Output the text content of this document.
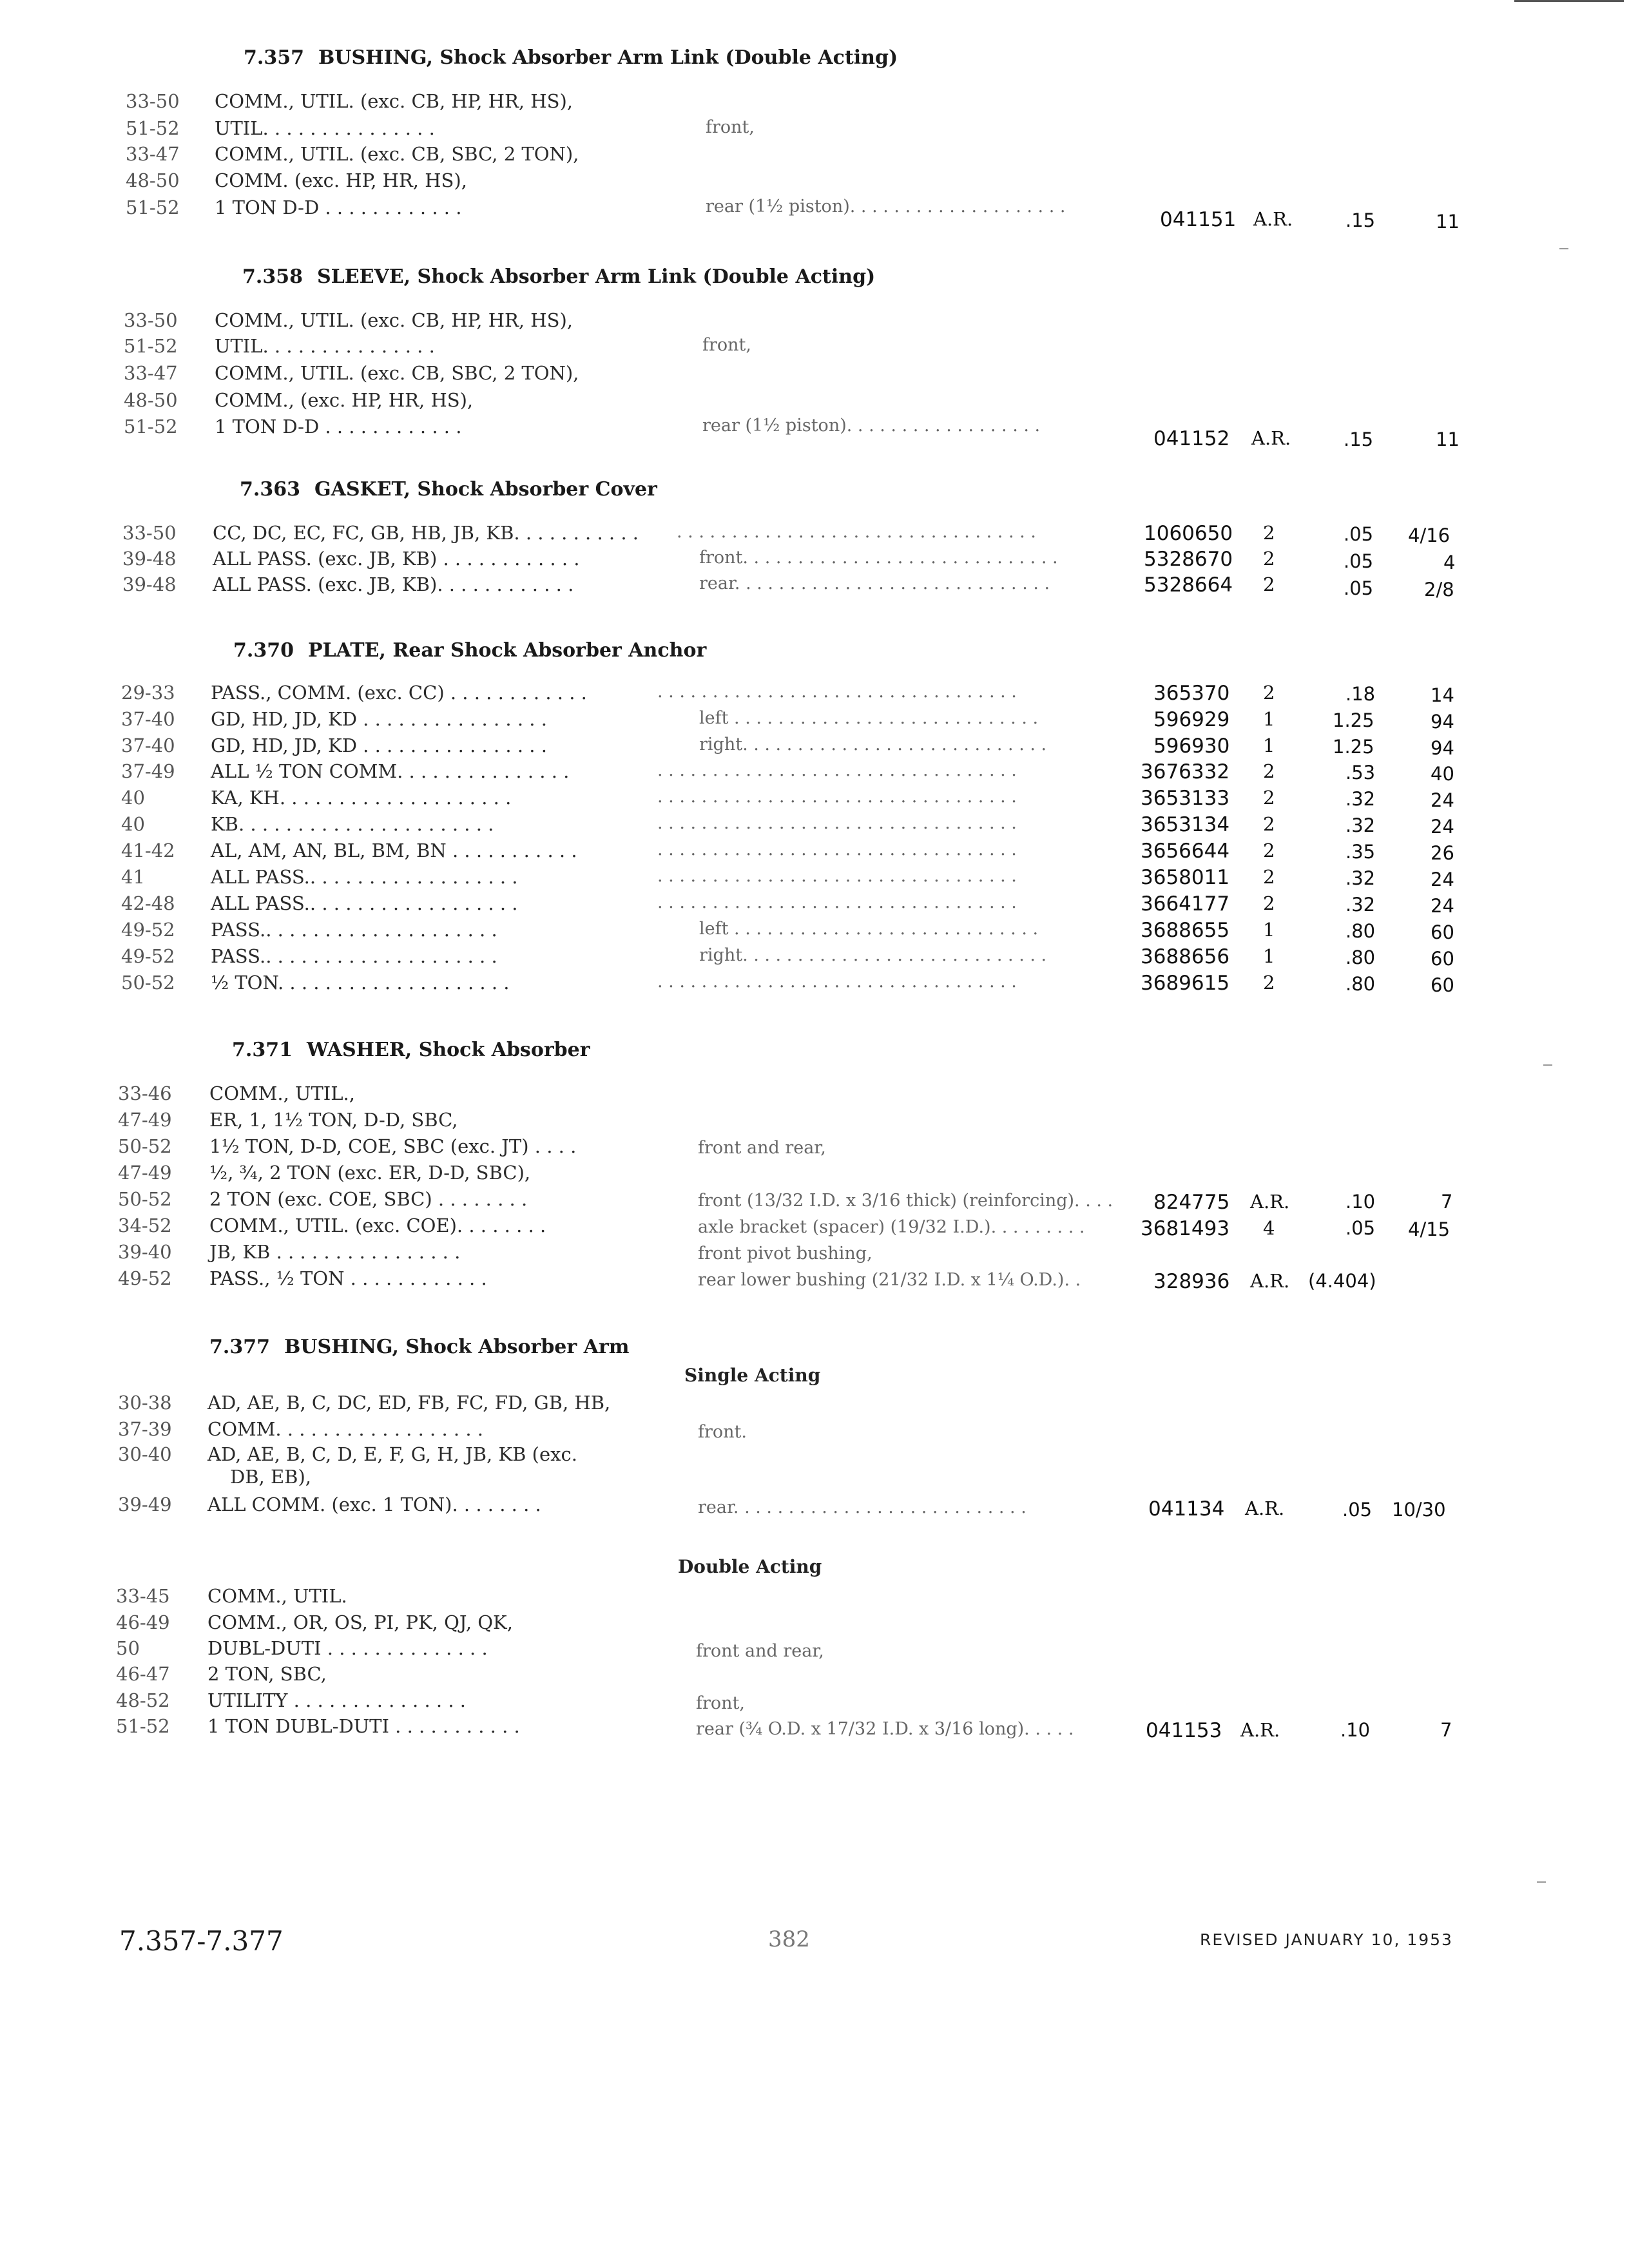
7.357 BUSHING, Shock Absorber Arm Link (Double Acting)
33-50 COMM., UTIL. (exc. CB, HP, HR, HS),
51-52 UTIL. . . . . . . . . . . . . . .	front,
33-47 COMM., UTIL. (exc. CB, SBC, 2 TON),
48-50 COMM. (exc. HP, HR, HS),
51-52 1 TON D-D . . . . . . . . . . . .	rear (1½ piston). . . . . . . . . . . . . . . . . . . .
041151 A.R.	.15	11
7.358 SLEEVE, Shock Absorber Arm Link (Double Acting)
33-50 COMM., UTIL. (exc. CB, HP, HR, HS),
51-52 UTIL. . . . . . . . . . . . . . .	front,
33-47 COMM., UTIL. (exc. CB, SBC, 2 TON),
48-50 COMM., (exc. HP, HR, HS),
51-52 1 TON D-D . . . . . . . . . . . .	rear (1½ piston). . . . . . . . . . . . . . . . . .
041152 A.R.	.15	11
7.363 GASKET, Shock Absorber Cover
33-50 CC, DC, EC, FC, GB, HB, JB, KB. . . . . . . . . . . . . . . . . . . . . . . . . . . . . . . . . . . . . . . . . . . .	1060650 2	.05 4/16
39-48 ALL PASS. (exc. JB, KB) . . . . . . . . . . . .	front. . . . . . . . . . . . . . . . . . . . . . . . . . . . .	5328670 2	.05	4
39-48 ALL PASS. (exc. JB, KB). . . . . . . . . . . .	rear. . . . . . . . . . . . . . . . . . . . . . . . . . . . .	5328664 2	.05	2/8
7.370 PLATE, Rear Shock Absorber Anchor
29-33 PASS., COMM. (exc. CC) . . . . . . . . . . . .	. . . . . . . . . . . . . . . . . . . . . . . . . . . . . . . . .	365370 2	.18	14
37-40 GD, HD, JD, KD . . . . . . . . . . . . . . . .	left . . . . . . . . . . . . . . . . . . . . . . . . . . . .	596929 1	1.25	94
37-40 GD, HD, JD, KD . . . . . . . . . . . . . . . .	right. . . . . . . . . . . . . . . . . . . . . . . . . . . .	596930 1	1.25	94
37-49 ALL ½ TON COMM. . . . . . . . . . . . . . .	. . . . . . . . . . . . . . . . . . . . . . . . . . . . . . . . .	3676332 2	.53	40
40	KA, KH. . . . . . . . . . . . . . . . . . . .	. . . . . . . . . . . . . . . . . . . . . . . . . . . . . . . . .	3653133 2	.32	24
40	KB. . . . . . . . . . . . . . . . . . . . . .	. . . . . . . . . . . . . . . . . . . . . . . . . . . . . . . . .	3653134 2	.32	24
41-42 AL, AM, AN, BL, BM, BN . . . . . . . . . . .	. . . . . . . . . . . . . . . . . . . . . . . . . . . . . . . . .	3656644 2	.35	26
41	ALL PASS.. . . . . . . . . . . . . . . . . .	. . . . . . . . . . . . . . . . . . . . . . . . . . . . . . . . .	3658011 2	.32	24
42-48 ALL PASS.. . . . . . . . . . . . . . . . . .	. . . . . . . . . . . . . . . . . . . . . . . . . . . . . . . . .	3664177 2	.32	24
49-52 PASS.. . . . . . . . . . . . . . . . . . . .	left . . . . . . . . . . . . . . . . . . . . . . . . . . . .	3688655 1	.80	60
49-52 PASS.. . . . . . . . . . . . . . . . . . . .	right. . . . . . . . . . . . . . . . . . . . . . . . . . . .	3688656 1	.80	60
50-52 ½ TON. . . . . . . . . . . . . . . . . . . .	. . . . . . . . . . . . . . . . . . . . . . . . . . . . . . . . .	3689615 2	.80	60
7.371 WASHER, Shock Absorber
33-46 COMM., UTIL.,
47-49 ER, 1, 1½ TON, D-D, SBC,
50-52 1½ TON, D-D, COE, SBC (exc. JT) . . . .	front and rear,
47-49 ½, ¾, 2 TON (exc. ER, D-D, SBC),
50-52 2 TON (exc. COE, SBC) . . . . . . . .	front (13/32 I.D. x 3/16 thick) (reinforcing). . . . 824775 A.R.	.10	7
34-52 COMM., UTIL. (exc. COE). . . . . . . .	axle bracket (spacer) (19/32 I.D.). . . . . . . . .	3681493 4	.05 4/15
39-40 JB, KB . . . . . . . . . . . . . . . .	front pivot bushing,
49-52 PASS., ½ TON . . . . . . . . . . . .	rear lower bushing (21/32 I.D. x 1¼ O.D.). .	328936 A.R. (4.404)
7.377 BUSHING, Shock Absorber Arm
Single Acting
30-38 AD, AE, B, C, DC, ED, FB, FC, FD, GB, HB,
37-39 COMM. . . . . . . . . . . . . . . . . .	front.
30-40 AD, AE, B, C, D, E, F, G, H, JB, KB (exc.
DB, EB),
39-49 ALL COMM. (exc. 1 TON). . . . . . . .	rear. . . . . . . . . . . . . . . . . . . . . . . . . . .	041134 A.R.	.05 10/30
Double Acting
33-45 COMM., UTIL.
46-49 COMM., OR, OS, PI, PK, QJ, QK,
50	DUBL-DUTI . . . . . . . . . . . . . .	front and rear,
46-47 2 TON, SBC,
48-52 UTILITY . . . . . . . . . . . . . . .	front,
51-52 1 TON DUBL-DUTI . . . . . . . . . . .	rear (¾ O.D. x 17/32 I.D. x 3/16 long). . . . .	041153 A.R.	.10	7
7.357-7.377	382	REVISED JANUARY 10, 1953
